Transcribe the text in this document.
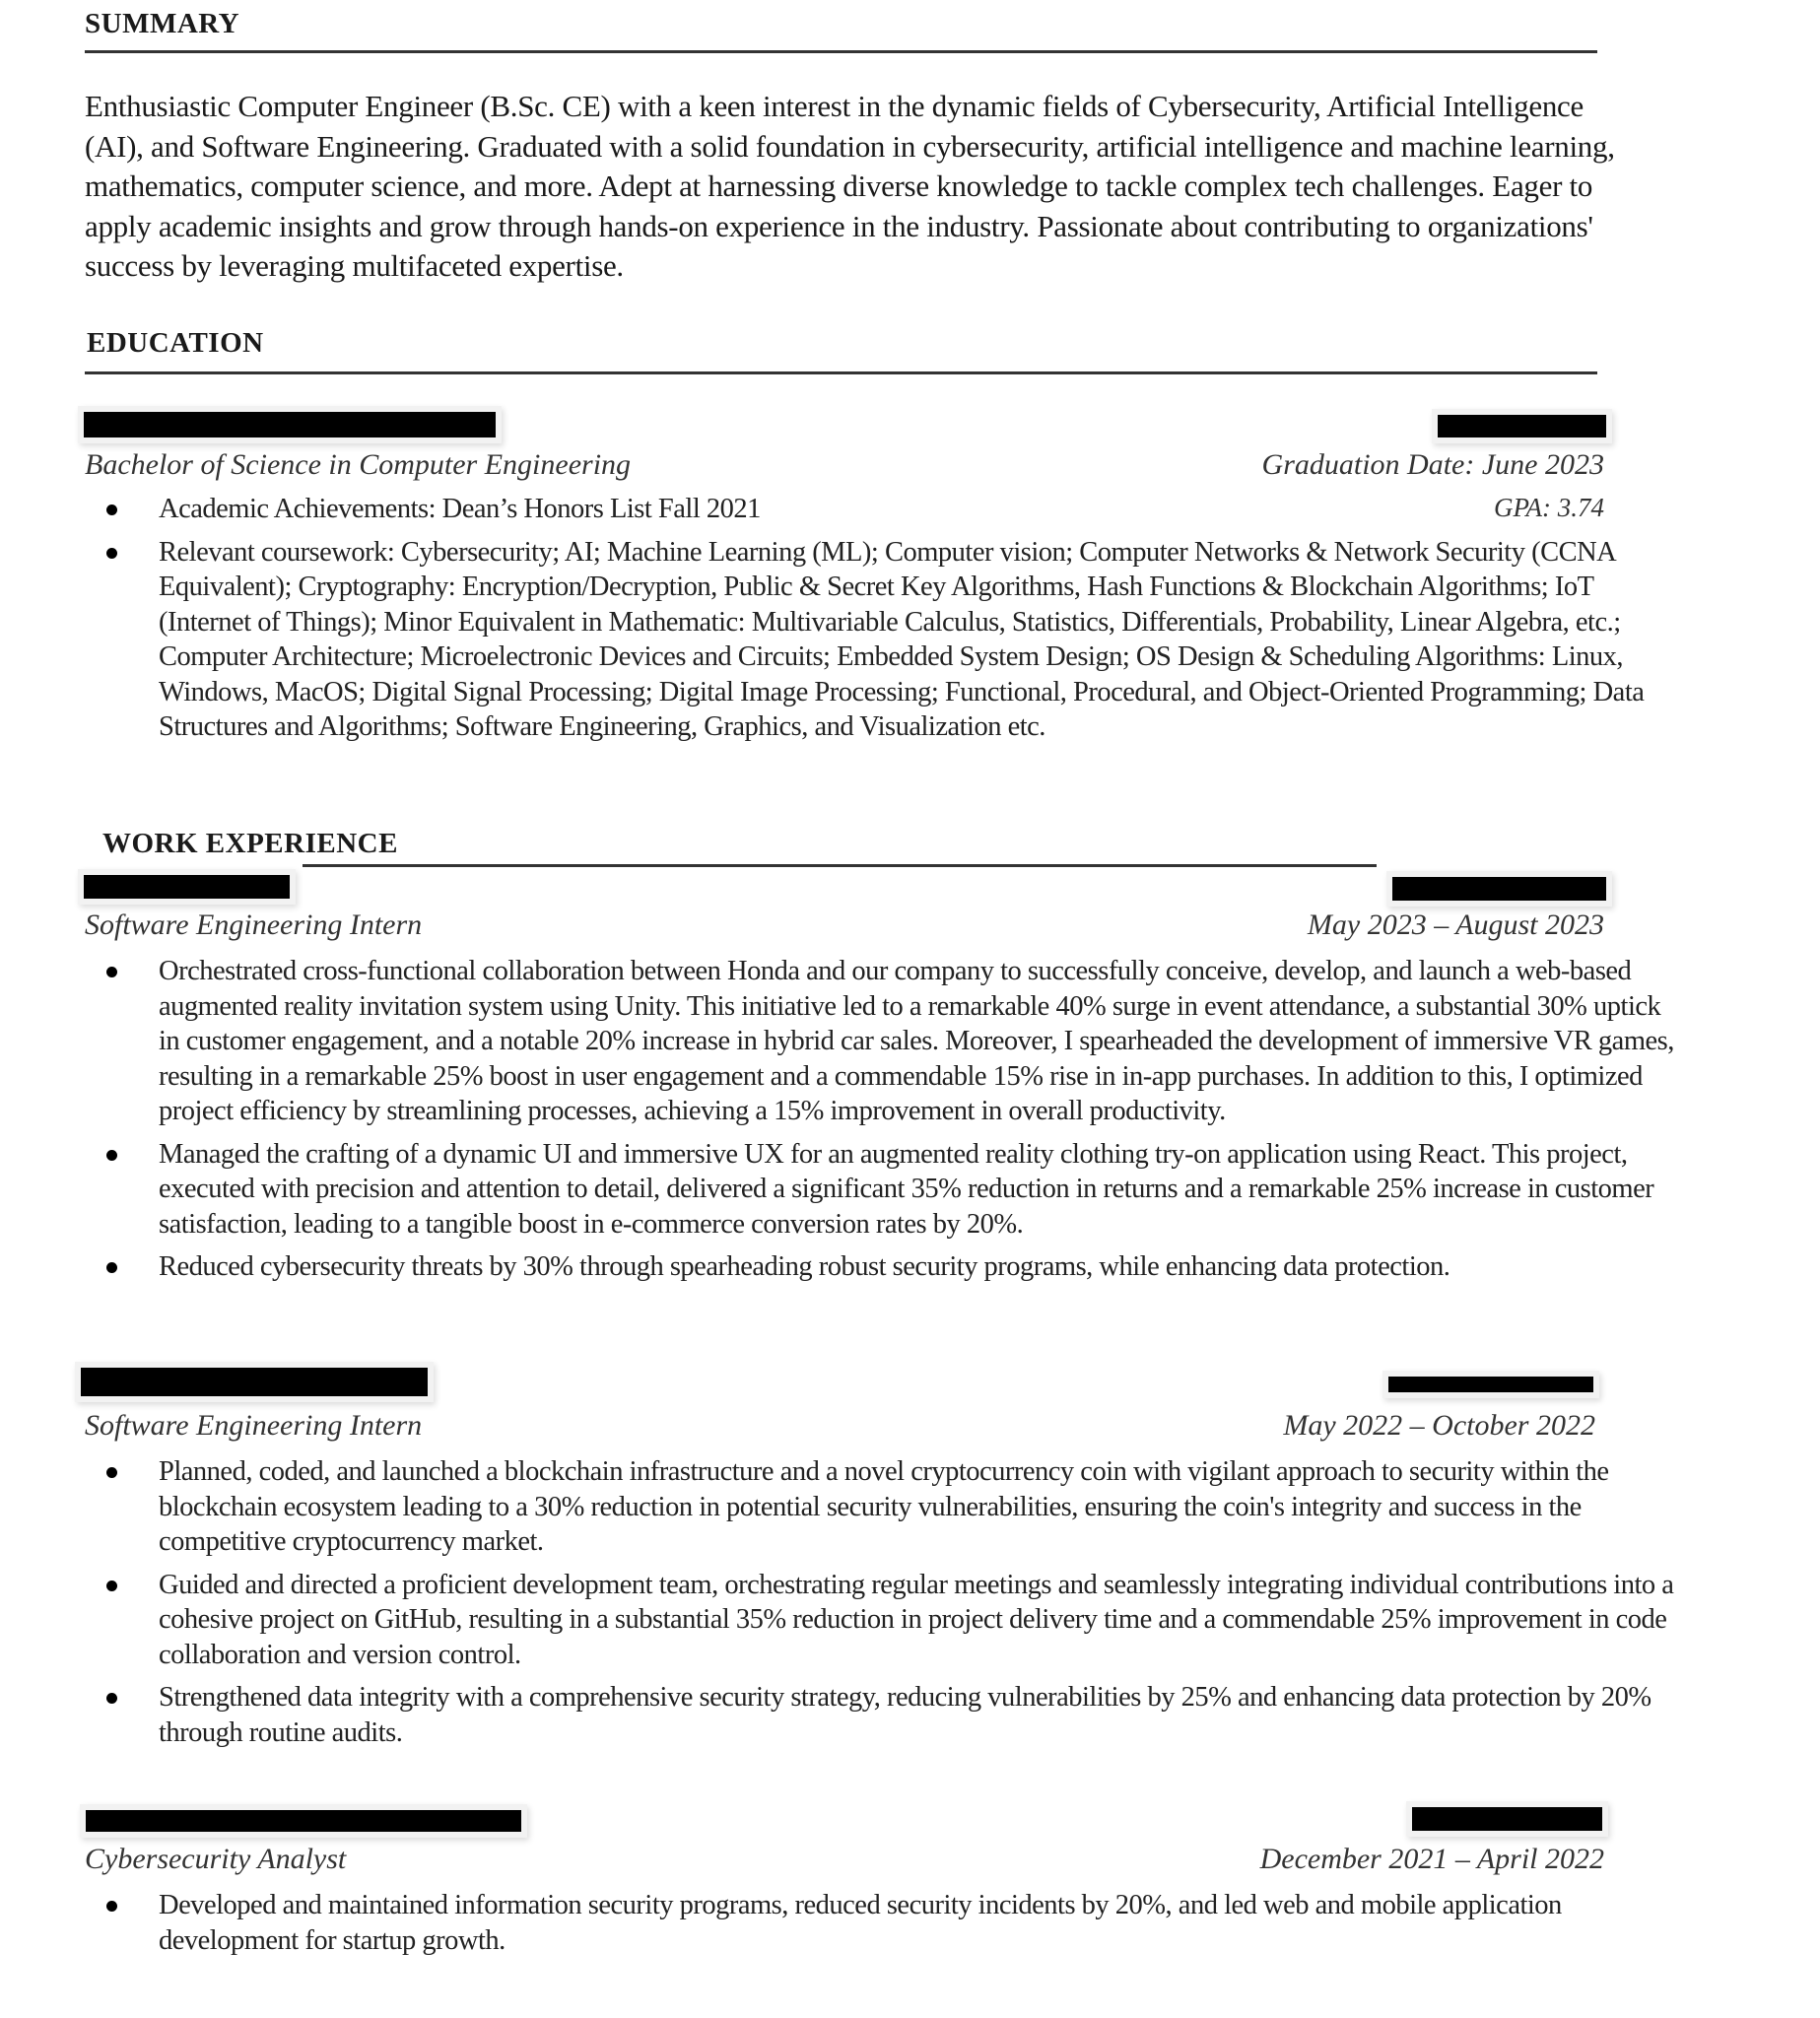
SUMMARY
Enthusiastic Computer Engineer (B.Sc. CE) with a keen interest in the dynamic fields of Cybersecurity, Artificial Intelligence (AI), and Software Engineering. Graduated with a solid foundation in cybersecurity, artificial intelligence and machine learning, mathematics, computer science, and more. Adept at harnessing diverse knowledge to tackle complex tech challenges. Eager to apply academic insights and grow through hands-on experience in the industry. Passionate about contributing to organizations' success by leveraging multifaceted expertise.
EDUCATION
Bachelor of Science in Computer Engineering	Graduation Date: June 2023
GPA: 3.74
Academic Achievements: Dean’s Honors List Fall 2021
Relevant coursework: Cybersecurity; AI; Machine Learning (ML); Computer vision; Computer Networks & Network Security (CCNA Equivalent); Cryptography: Encryption/Decryption, Public & Secret Key Algorithms, Hash Functions & Blockchain Algorithms; IoT (Internet of Things); Minor Equivalent in Mathematic: Multivariable Calculus, Statistics, Differentials, Probability, Linear Algebra, etc.; Computer Architecture; Microelectronic Devices and Circuits; Embedded System Design; OS Design & Scheduling Algorithms: Linux, Windows, MacOS; Digital Signal Processing; Digital Image Processing; Functional, Procedural, and Object-Oriented Programming; Data Structures and Algorithms; Software Engineering, Graphics, and Visualization etc.
WORK EXPERIENCE
Software Engineering Intern	May 2023 – August 2023
Orchestrated cross-functional collaboration between Honda and our company to successfully conceive, develop, and launch a web-based augmented reality invitation system using Unity. This initiative led to a remarkable 40% surge in event attendance, a substantial 30% uptick in customer engagement, and a notable 20% increase in hybrid car sales. Moreover, I spearheaded the development of immersive VR games, resulting in a remarkable 25% boost in user engagement and a commendable 15% rise in in-app purchases. In addition to this, I optimized project efficiency by streamlining processes, achieving a 15% improvement in overall productivity.
Managed the crafting of a dynamic UI and immersive UX for an augmented reality clothing try-on application using React. This project, executed with precision and attention to detail, delivered a significant 35% reduction in returns and a remarkable 25% increase in customer satisfaction, leading to a tangible boost in e-commerce conversion rates by 20%.
Reduced cybersecurity threats by 30% through spearheading robust security programs, while enhancing data protection.
Software Engineering Intern	May 2022 – October 2022
Planned, coded, and launched a blockchain infrastructure and a novel cryptocurrency coin with vigilant approach to security within the blockchain ecosystem leading to a 30% reduction in potential security vulnerabilities, ensuring the coin's integrity and success in the competitive cryptocurrency market.
Guided and directed a proficient development team, orchestrating regular meetings and seamlessly integrating individual contributions into a cohesive project on GitHub, resulting in a substantial 35% reduction in project delivery time and a commendable 25% improvement in code collaboration and version control.
Strengthened data integrity with a comprehensive security strategy, reducing vulnerabilities by 25% and enhancing data protection by 20% through routine audits.
Cybersecurity Analyst	December 2021 – April 2022
Developed and maintained information security programs, reduced security incidents by 20%, and led web and mobile application development for startup growth.
